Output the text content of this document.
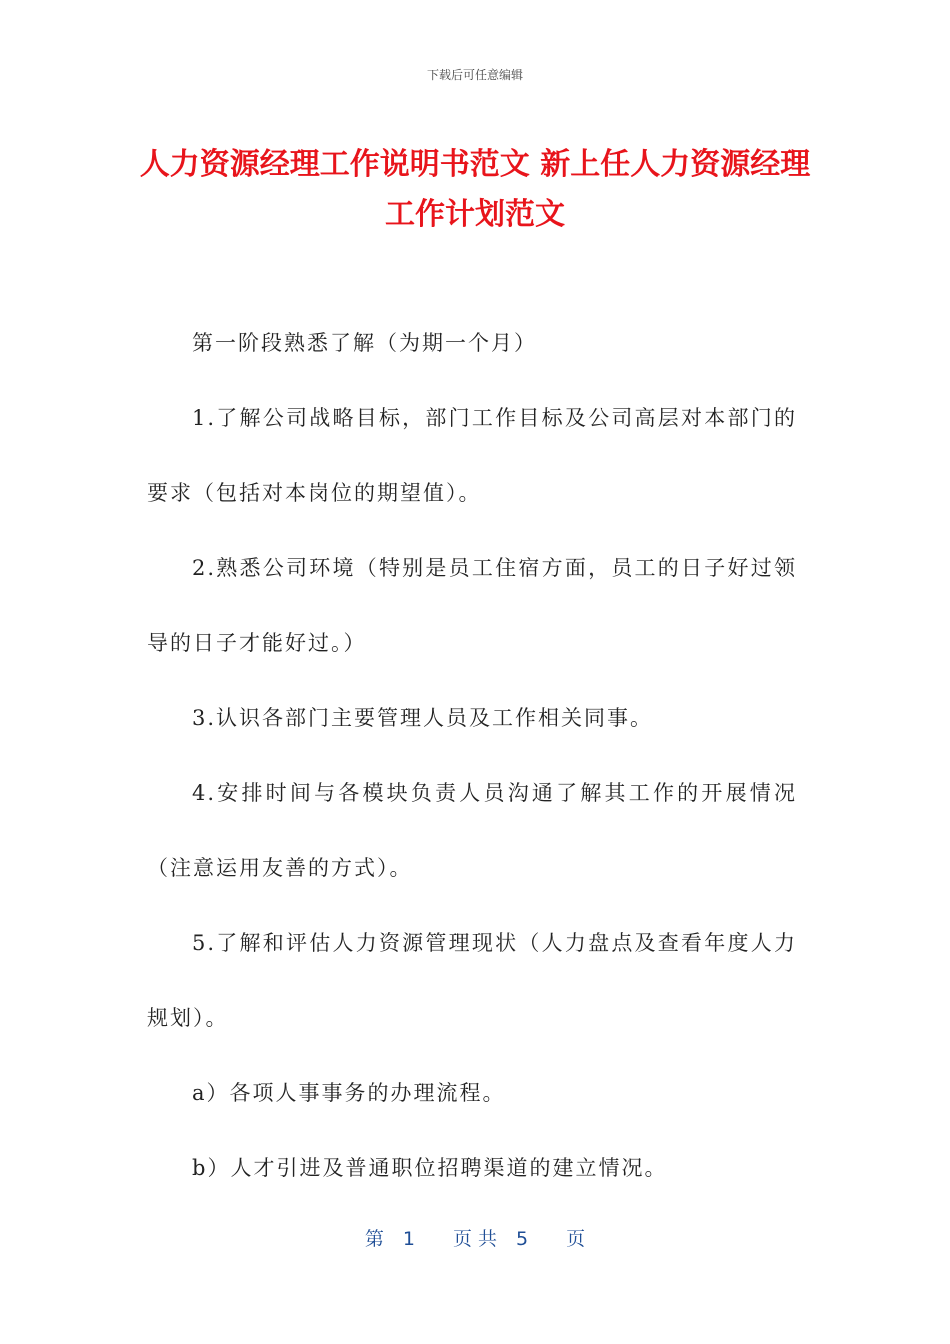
下载后可任意编辑
人力资源经理工作说明书范文 新上任人力资源经理工作计划范文

第一阶段熟悉了解（为期一个月）

1.了解公司战略目标，部门工作目标及公司高层对本部门的要求（包括对本岗位的期望值）。

2.熟悉公司环境（特别是员工住宿方面，员工的日子好过领导的日子才能好过。）

3.认识各部门主要管理人员及工作相关同事。

4.安排时间与各模块负责人员沟通了解其工作的开展情况（注意运用友善的方式）。

5.了解和评估人力资源管理现状（人力盘点及查看年度人力规划）。

a）各项人事事务的办理流程。

b）人才引进及普通职位招聘渠道的建立情况。

第　1　　页 共　5　　页
